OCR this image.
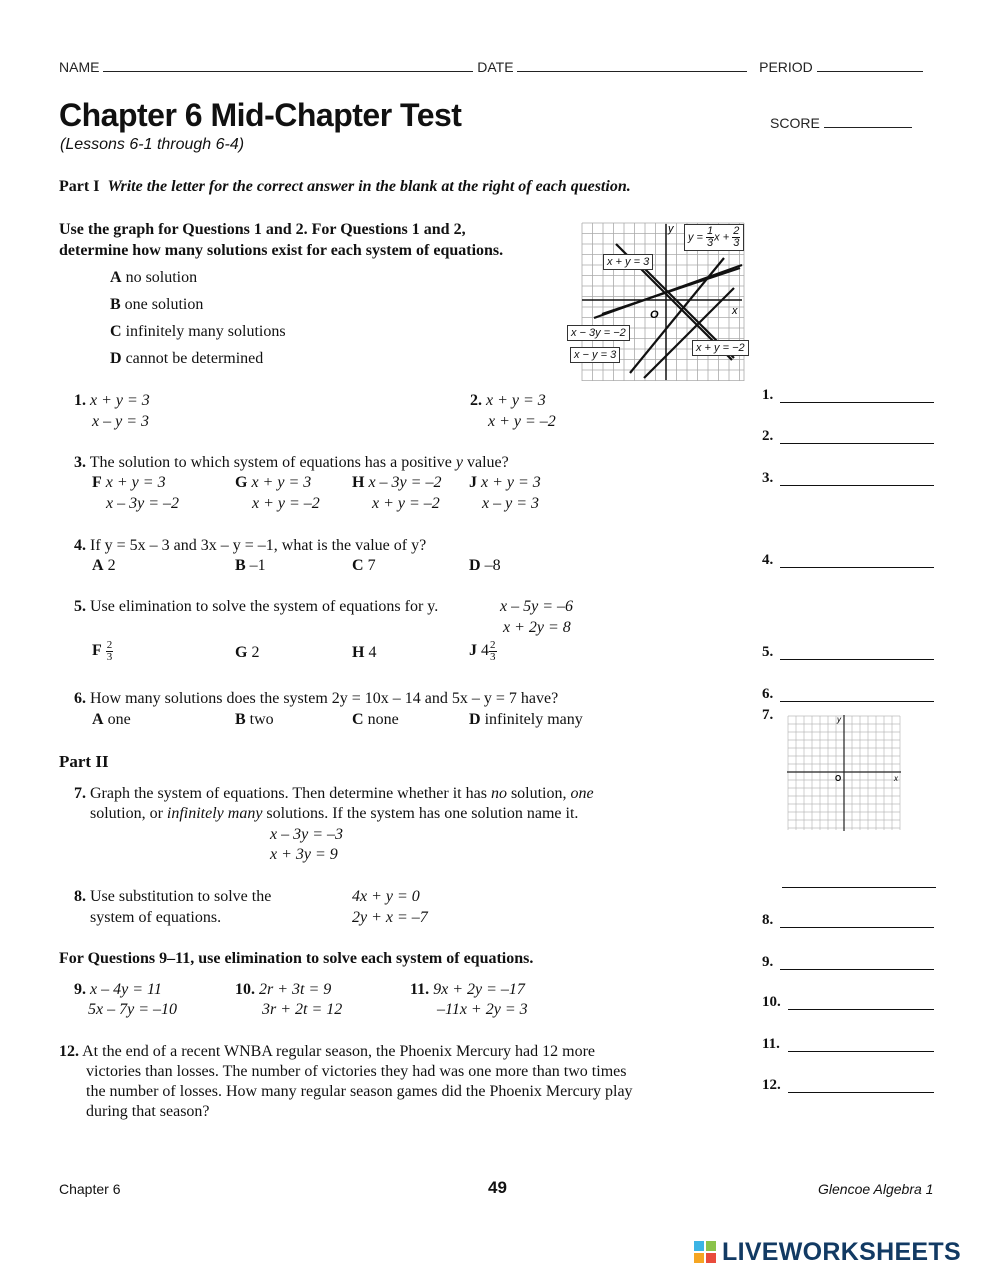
NAME	DATE	PERIOD
Chapter 6 Mid-Chapter Test
(Lessons 6-1 through 6-4)
SCORE
Part I Write the letter for the correct answer in the blank at the right of each question.
Use the graph for Questions 1 and 2. For Questions 1 and 2,
determine how many solutions exist for each system of equations.
A no solution
B one solution
C infinitely many solutions
D cannot be determined
O	x
y
$y = \frac{1}{3}$ $x + \frac{2}{3}$
x + y = 3
x − 3y = −2
x − y = 3
x + y = −2
1. x + y = 3
x – y = 3
2. x + y = 3
x + y = –2
3. The solution to which system of equations has a positive y value?
F x + y = 3
x – 3y = –2
G x + y = 3
x + y = –2
H x – 3y = –2
x + y = –2
J x + y = 3
x – y = 3
4. If y = 5x – 3 and 3x – y = –1, what is the value of y?
A 2	B –1	C 7	D –8
5. Use elimination to solve the system of equations for y.	x – 5y = –6
x + 2y = 8
F $\frac{2}{3}$	G 2	H 4	J $4 \frac{2}{3}$
6. How many solutions does the system 2y = 10x – 14 and 5x – y = 7 have?
A one	B two	C none	D infinitely many
Part II
7. Graph the system of equations. Then determine whether it has no solution, one
solution, or infinitely many solutions. If the system has one solution name it.
x – 3y = –3
x + 3y = 9
O	x
y
8. Use substitution to solve the
system of equations.
4x + y = 0
2y + x = –7
For Questions 9–11, use elimination to solve each system of equations.
9. x – 4y = 11
5x – 7y = –10
10. 2r + 3t = 9
3r + 2t = 12
11. 9x + 2y = –17
–11x + 2y = 3
12. At the end of a recent WNBA regular season, the Phoenix Mercury had 12 more
victories than losses. The number of victories they had was one more than two times
the number of losses. How many regular season games did the Phoenix Mercury play
during that season?
1.
2.
3.
4.
5.
6.
7.
8.
9.
10.
11.
12.
Chapter 6	49	Glencoe Algebra 1
LIVEWORKSHEETS
